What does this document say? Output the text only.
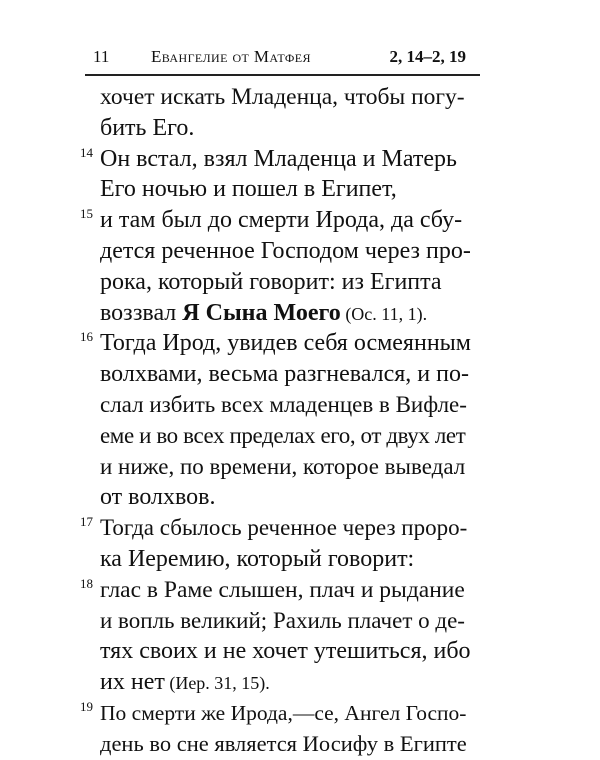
11 Евангелие от Матфея	2, 14–2, 19
хочет искать Младенца, чтобы погу-
бить Его.
14 Он встал, взял Младенца и Матерь
Его ночью и пошел в Египет,
15 и там был до смерти Ирода, да сбу-
дется реченное Господом через про-
рока, который говорит: из Египта
воззвал Я Сына Моего (Ос. 11, 1).
16 Тогда Ирод, увидев себя осмеянным
волхвами, весьма разгневался, и по-
слал избить всех младенцев в Вифле-
еме и во всех пределах его, от двух лет
и ниже, по времени, которое выведал
от волхвов.
17 Тогда сбылось реченное через проро-
ка Иеремию, который говорит:
18 глас в Раме слышен, плач и рыдание
и вопль великий; Рахиль плачет о де-
тях своих и не хочет утешиться, ибо
их нет (Иер. 31, 15).
19 По смерти же Ирода,—се, Ангел Госпо-
день во сне является Иосифу в Египте
